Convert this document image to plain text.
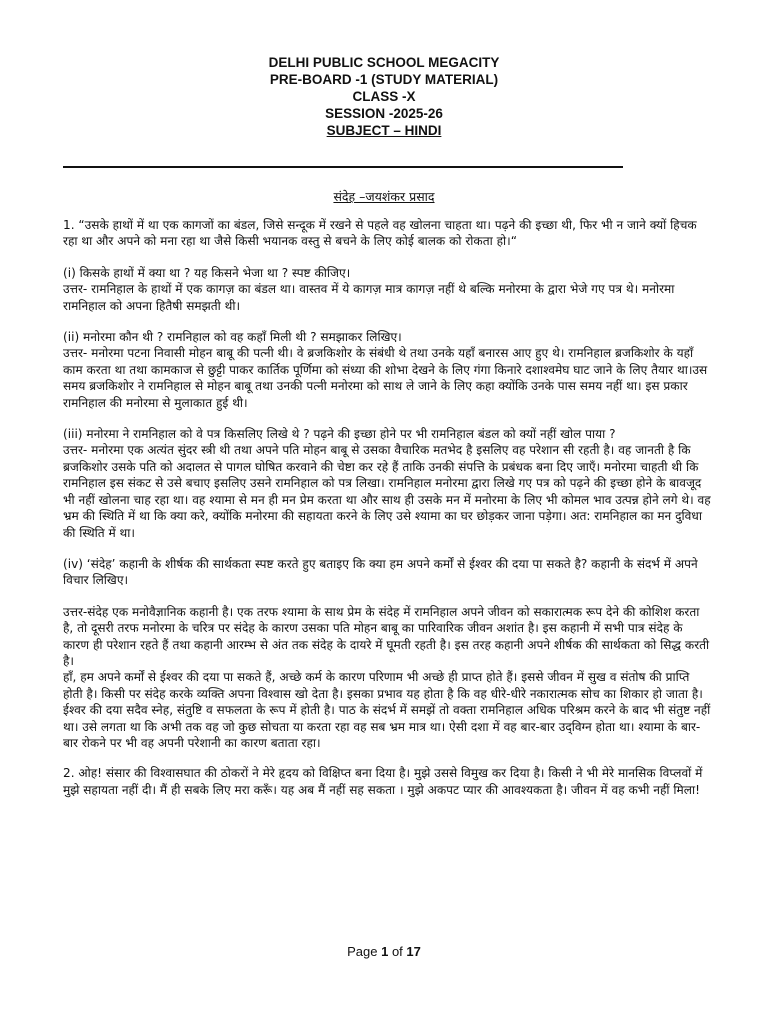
DELHI PUBLIC SCHOOL MEGACITY
PRE-BOARD -1 (STUDY MATERIAL)
CLASS -X
SESSION -2025-26
SUBJECT – HINDI
संदेह –जयशंकर प्रसाद

1. “उसके हाथों में था एक कागजों का बंडल, जिसे सन्दूक में रखने से पहले वह खोलना चाहता था। पढ़ने की इच्छा थी, फिर भी न जाने क्यों हिचक रहा था और अपने को मना रहा था जैसे किसी भयानक वस्तु से बचने के लिए कोई बालक को रोकता हो।“

(i) किसके हाथों में क्या था ? यह किसने भेजा था ? स्पष्ट कीजिए।

उत्तर- रामनिहाल के हाथों में एक कागज़ का बंडल था। वास्तव में ये कागज़ मात्र कागज़ नहीं थे बल्कि मनोरमा के द्वारा भेजे गए पत्र थे। मनोरमा रामनिहाल को अपना हितैषी समझती थी।

(ii) मनोरमा कौन थी ? रामनिहाल को वह कहाँ मिली थी ? समझाकर लिखिए।

उत्तर- मनोरमा पटना निवासी मोहन बाबू की पत्नी थी। वे ब्रजकिशोर के संबंधी थे तथा उनके यहाँ बनारस आए हुए थे। रामनिहाल ब्रजकिशोर के यहाँ काम करता था तथा कामकाज से छुट्टी पाकर कार्तिक पूर्णिमा को संध्या की शोभा देखने के लिए गंगा किनारे दशाश्वमेघ घाट जाने के लिए तैयार था।उस समय ब्रजकिशोर ने रामनिहाल से मोहन बाबू तथा उनकी पत्नी मनोरमा को साथ ले जाने के लिए कहा क्योंकि उनके पास समय नहीं था। इस प्रकार रामनिहाल की मनोरमा से मुलाकात हुई थी।

(iii) मनोरमा ने रामनिहाल को वे पत्र किसलिए लिखे थे ? पढ़ने की इच्छा होने पर भी रामनिहाल बंडल को क्यों नहीं खोल पाया ?

उत्तर- मनोरमा एक अत्यंत सुंदर स्त्री थी तथा अपने पति मोहन बाबू से उसका वैचारिक मतभेद है इसलिए वह परेशान सी रहती है। वह जानती है कि ब्रजकिशोर उसके पति को अदालत से पागल घोषित करवाने की चेष्टा कर रहे हैं ताकि उनकी संपत्ति के प्रबंधक बना दिए जाएँ। मनोरमा चाहती थी कि रामनिहाल इस संकट से उसे बचाए इसलिए उसने रामनिहाल को पत्र लिखा। रामनिहाल मनोरमा द्वारा लिखे गए पत्र को पढ़ने की इच्छा होने के बावजूद भी नहीं खोलना चाह रहा था। वह श्यामा से मन ही मन प्रेम करता था और साथ ही उसके मन में मनोरमा के लिए भी कोमल भाव उत्पन्न होने लगे थे। वह भ्रम की स्थिति में था कि क्या करे, क्योंकि मनोरमा की सहायता करने के लिए उसे श्यामा का घर छोड़कर जाना पड़ेगा। अत: रामनिहाल का मन दुविधा की स्थिति में था।

(iv) ‘संदेह’ कहानी के शीर्षक की सार्थकता स्पष्ट करते हुए बताइए कि क्या हम अपने कर्मों से ईश्वर की दया पा सकते है? कहानी के संदर्भ में अपने विचार लिखिए।

उत्तर-संदेह एक मनोवैज्ञानिक कहानी है। एक तरफ श्यामा के साथ प्रेम के संदेह में रामनिहाल अपने जीवन को सकारात्मक रूप देने की कोशिश करता है, तो दूसरी तरफ मनोरमा के चरित्र पर संदेह के कारण उसका पति मोहन बाबू का पारिवारिक जीवन अशांत है। इस कहानी में सभी पात्र संदेह के कारण ही परेशान रहते हैं तथा कहानी आरम्भ से अंत तक संदेह के दायरे में घूमती रहती है। इस तरह कहानी अपने शीर्षक की सार्थकता को सिद्ध करती है।

हाँ, हम अपने कर्मों से ईश्वर की दया पा सकते हैं, अच्छे कर्म के कारण परिणाम भी अच्छे ही प्राप्त होते हैं। इससे जीवन में सुख व संतोष की प्राप्ति होती है। किसी पर संदेह करके व्यक्ति अपना विश्वास खो देता है। इसका प्रभाव यह होता है कि वह धीरे-धीरे नकारात्मक सोच का शिकार हो जाता है। ईश्वर की दया सदैव स्नेह, संतुष्टि व सफलता के रूप में होती है। पाठ के संदर्भ में समझें तो वक्ता रामनिहाल अधिक परिश्रम करने के बाद भी संतुष्ट नहीं था। उसे लगता था कि अभी तक वह जो कुछ सोचता या करता रहा वह सब भ्रम मात्र था। ऐसी दशा में वह बार-बार उद्‌विग्न होता था। श्यामा के बार-बार रोकने पर भी वह अपनी परेशानी का कारण बताता रहा।

2. ओह! संसार की विश्वासघात की ठोकरों ने मेरे हृदय को विक्षिप्त बना दिया है। मुझे उससे विमुख कर दिया है। किसी ने भी मेरे मानसिक विप्लवों में मुझे सहायता नहीं दी। मैं ही सबके लिए मरा करूँ। यह अब मैं नहीं सह सकता । मुझे अकपट प्यार की आवश्यकता है। जीवन में वह कभी नहीं मिला!

Page 1 of 17
